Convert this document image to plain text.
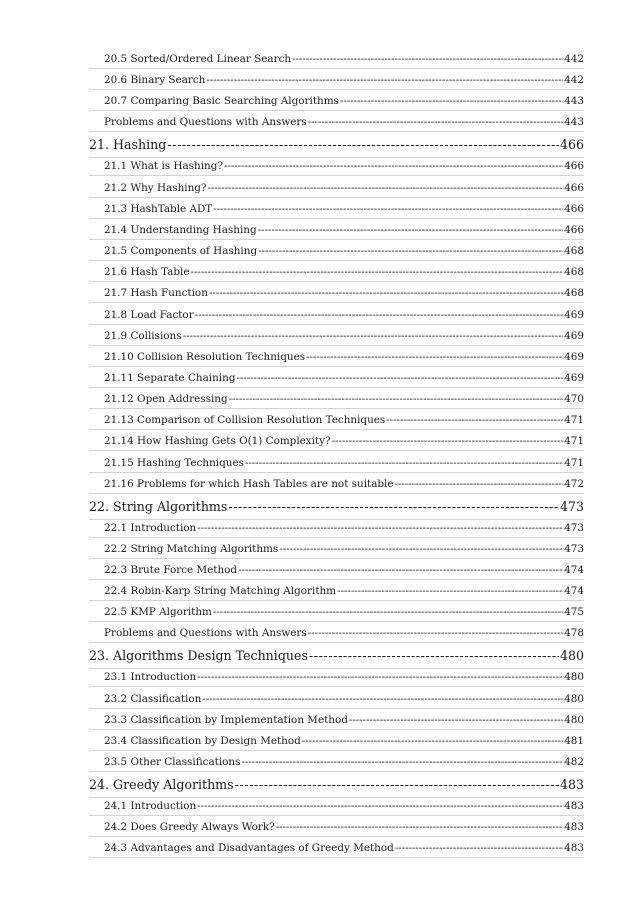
20.5 Sorted/Ordered Linear Search - - -	442
20.6 Binary Search - - -	442
20.7 Comparing Basic Searching Algorithms - - -	443
Problems and Questions with Answers - - -	443
21. Hashing - - -	466
21.1 What is Hashing? - - -	466
21.2 Why Hashing? - - -	466
21.3 HashTable ADT - - -	466
21.4 Understanding Hashing - - -	466
21.5 Components of Hashing - - -	468
21.6 Hash Table - - -	468
21.7 Hash Function - - -	468
21.8 Load Factor - - -	469
21.9 Collisions - - -	469
21.10 Collision Resolution Techniques - - -	469
21.11 Separate Chaining - - -	469
21.12 Open Addressing - - -	470
21.13 Comparison of Collision Resolution Techniques - - -	471
21.14 How Hashing Gets O(1) Complexity? - - -	471
21.15 Hashing Techniques - - -	471
21.16 Problems for which Hash Tables are not suitable - - -	472
22. String Algorithms - - -	473
22.1 Introduction - - -	473
22.2 String Matching Algorithms - - -	473
22.3 Brute Force Method - - -	474
22.4 Robin-Karp String Matching Algorithm - - -	474
22.5 KMP Algorithm - - -	475
Problems and Questions with Answers - - -	478
23. Algorithms Design Techniques - - -	480
23.1 Introduction - - -	480
23.2 Classification - - -	480
23.3 Classification by Implementation Method - - -	480
23.4 Classification by Design Method - - -	481
23.5 Other Classifications - - -	482
24. Greedy Algorithms - - -	483
24.1 Introduction - - -	483
24.2 Does Greedy Always Work? - - -	483
24.3 Advantages and Disadvantages of Greedy Method - - -	483
